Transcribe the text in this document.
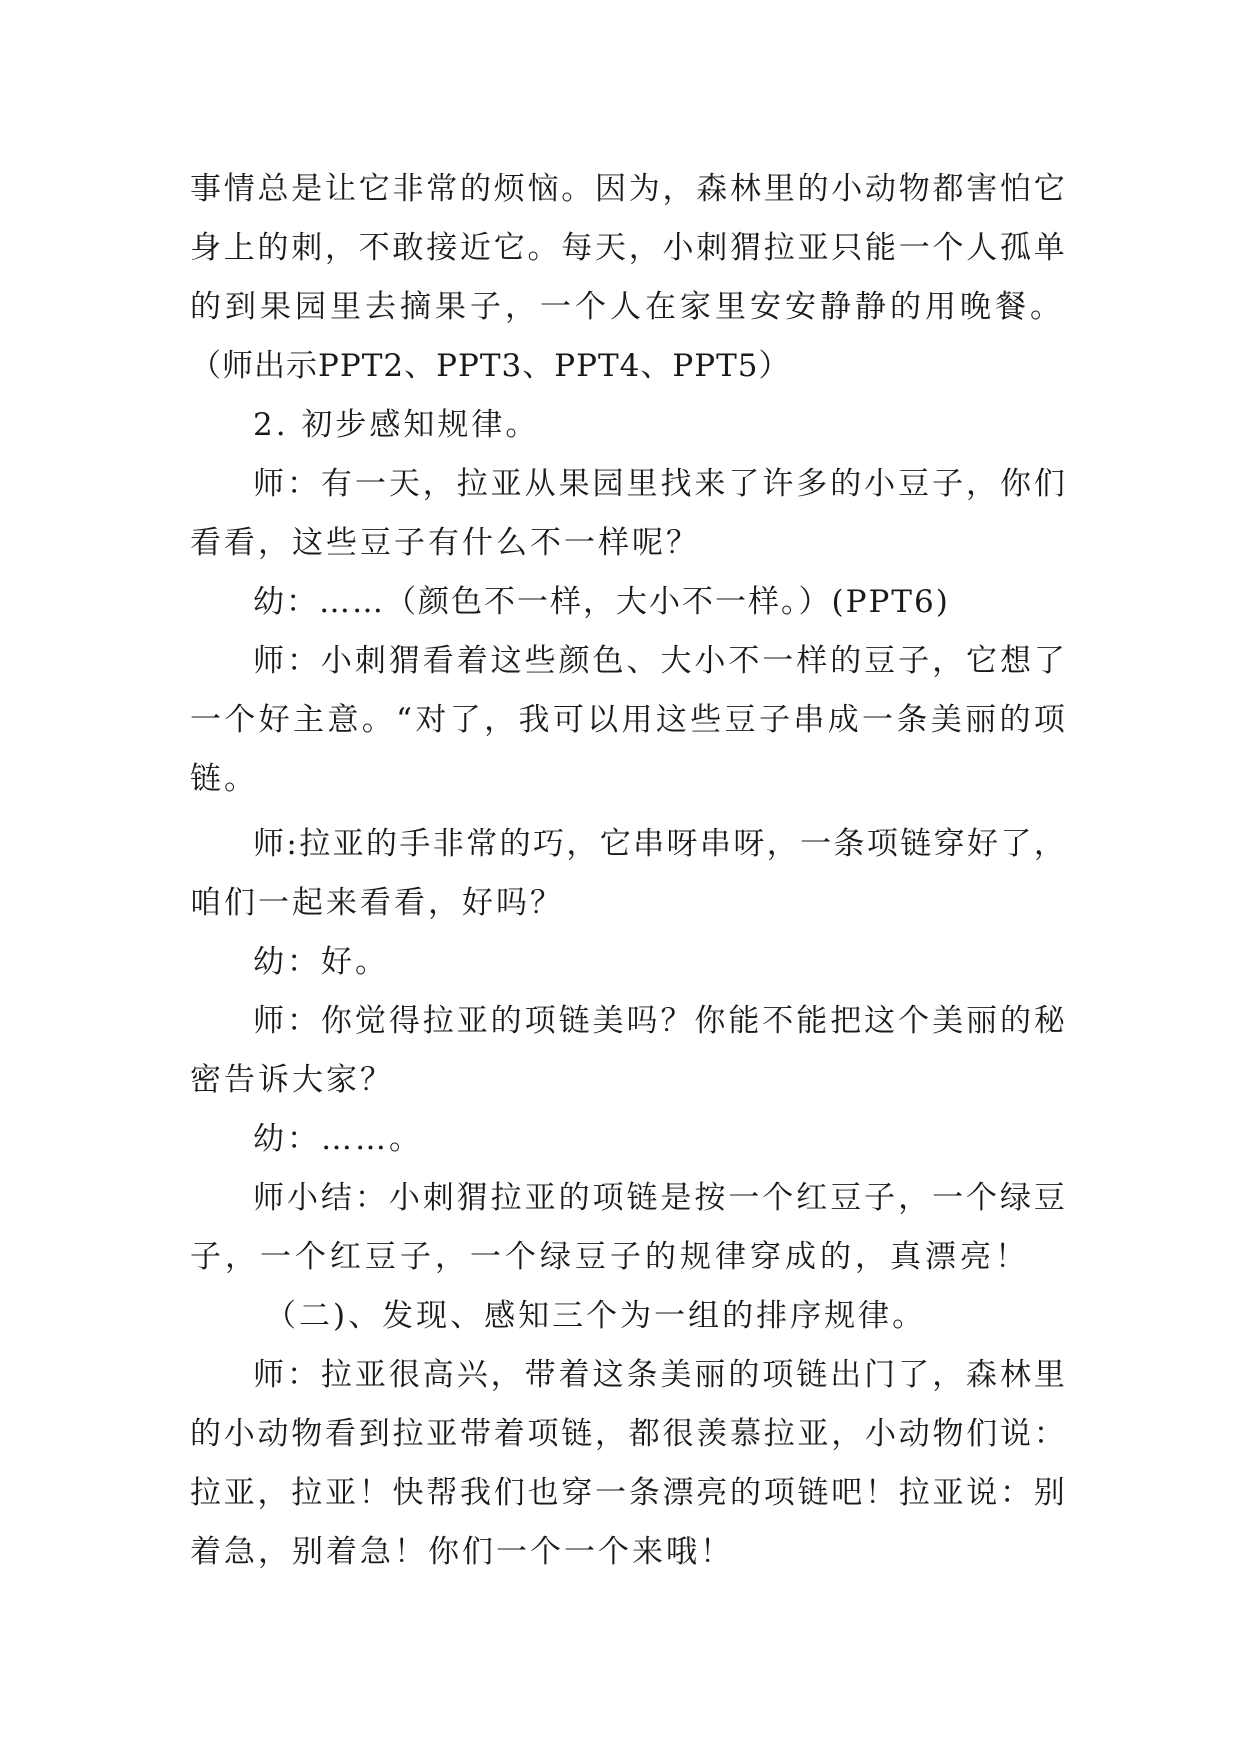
事 情 总 是 让 它 非 常 的 烦 恼 。 因 为 ， 森 林 里 的 小 动 物 都 害 怕 它
身 上 的 刺 ， 不 敢 接 近 它 。 每 天 ， 小 刺 猬 拉 亚 只 能 一 个 人 孤 单
的到果园里去摘果子，一个人在家里安安静静的用晚餐。
（师出示PPT2、PPT3、PPT4、PPT5）
2. 初步感知规律。
师 ： 有 一 天 ， 拉 亚 从 果 园 里 找 来 了 许 多 的 小 豆 子 ， 你 们
看看，这些豆子有什么不一样呢？
幼：……（颜色不一样，大小不一样。）(PPT6)
师 ： 小 刺 猬 看 着 这 些 颜 色 、 大 小 不 一 样 的 豆 子 ， 它 想 了
一 个 好 主 意 。 “ 对 了 ， 我 可 以 用 这 些 豆 子 串 成 一 条 美 丽 的 项
链。
师 : 拉 亚 的 手 非 常 的 巧 ， 它 串 呀 串 呀 ， 一 条 项 链 穿 好 了 ，
咱们一起来看看，好吗？
幼：好。
师 ： 你 觉 得 拉 亚 的 项 链 美 吗 ？ 你 能 不 能 把 这 个 美 丽 的 秘
密告诉大家？
幼：……。
师 小 结 ： 小 刺 猬 拉 亚 的 项 链 是 按 一 个 红 豆 子 ， 一 个 绿 豆
子，一个红豆子，一个绿豆子的规律穿成的，真漂亮！
（二)、发现、感知三个为一组的排序规律。
师 ： 拉 亚 很 高 兴 ， 带 着 这 条 美 丽 的 项 链 出 门 了 ， 森 林 里
的 小 动 物 看 到 拉 亚 带 着 项 链 ， 都 很 羡 慕 拉 亚 ， 小 动 物 们 说 ：
拉 亚 ， 拉 亚 ！ 快 帮 我 们 也 穿 一 条 漂 亮 的 项 链 吧 ！ 拉 亚 说 ： 别
着急，别着急！你们一个一个来哦！
